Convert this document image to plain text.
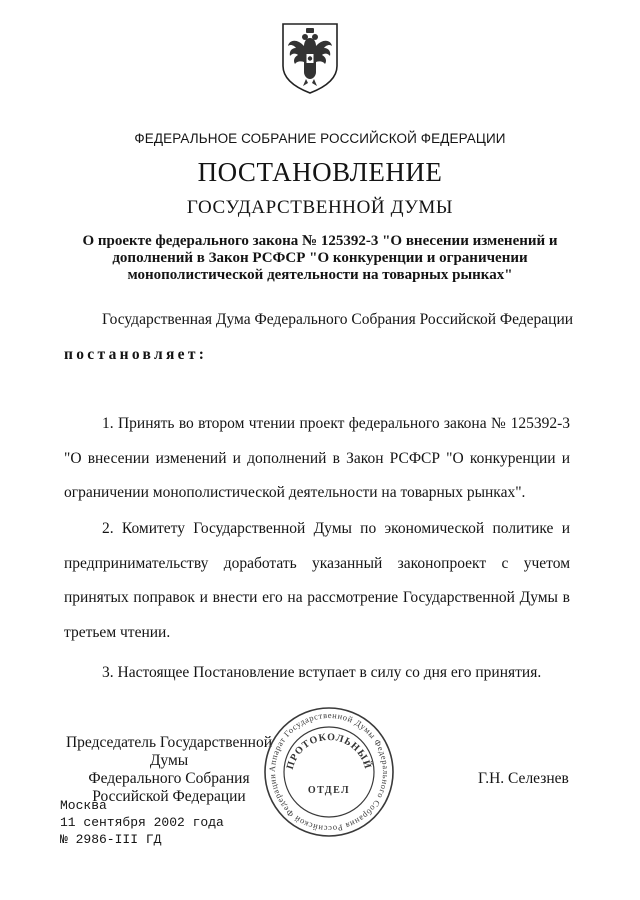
ФЕДЕРАЛЬНОЕ СОБРАНИЕ РОССИЙСКОЙ ФЕДЕРАЦИИ
ПОСТАНОВЛЕНИЕ
ГОСУДАРСТВЕННОЙ ДУМЫ

О проекте федерального закона № 125392-3 "О внесении изменений и дополнений в Закон РСФСР "О конкуренции и ограничении монополистической деятельности на товарных рынках"

Государственная Дума Федерального Собрания Российской Федерации

постановляет:

1. Принять во втором чтении проект федерального закона № 125392-3 "О внесении изменений и дополнений в Закон РСФСР "О конкуренции и ограничении монополистической деятельности на товарных рынках".

2. Комитету Государственной Думы по экономической политике и предпринимательству доработать указанный законопроект с учетом принятых поправок и внести его на рассмотрение Государственной Думы в третьем чтении.

3. Настоящее Постановление вступает в силу со дня его принятия.

Председатель Государственной Думы
Федерального Собрания
Российской Федерации
Аппарат Государственной Думы Федерального Собрания Российской Федерации
ПРОТОКОЛЬНЫЙ
ОТДЕЛ
Г.Н. Селезнев
Москва
11 сентября 2002 года
№ 2986-III ГД
